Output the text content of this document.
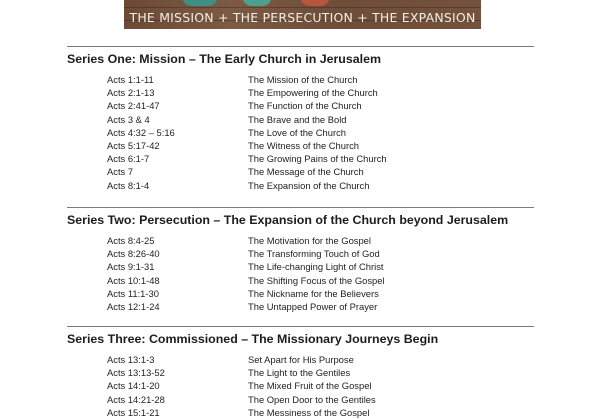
THE MISSION + THE PERSECUTION + THE EXPANSION
Series One: Mission – The Early Church in Jerusalem
Acts 1:1-11	The Mission of the Church
Acts 2:1-13	The Empowering of the Church
Acts 2:41-47	The Function of the Church
Acts 3 & 4	The Brave and the Bold
Acts 4:32 – 5:16	The Love of the Church
Acts 5:17-42	The Witness of the Church
Acts 6:1-7	The Growing Pains of the Church
Acts 7	The Message of the Church
Acts 8:1-4	The Expansion of the Church
Series Two: Persecution – The Expansion of the Church beyond Jerusalem
Acts 8:4-25	The Motivation for the Gospel
Acts 8:26-40	The Transforming Touch of God
Acts 9:1-31	The Life-changing Light of Christ
Acts 10:1-48	The Shifting Focus of the Gospel
Acts 11:1-30	The Nickname for the Believers
Acts 12:1-24	The Untapped Power of Prayer
Series Three: Commissioned – The Missionary Journeys Begin
Acts 13:1-3	Set Apart for His Purpose
Acts 13:13-52	The Light to the Gentiles
Acts 14:1-20	The Mixed Fruit of the Gospel
Acts 14:21-28	The Open Door to the Gentiles
Acts 15:1-21	The Messiness of the Gospel
